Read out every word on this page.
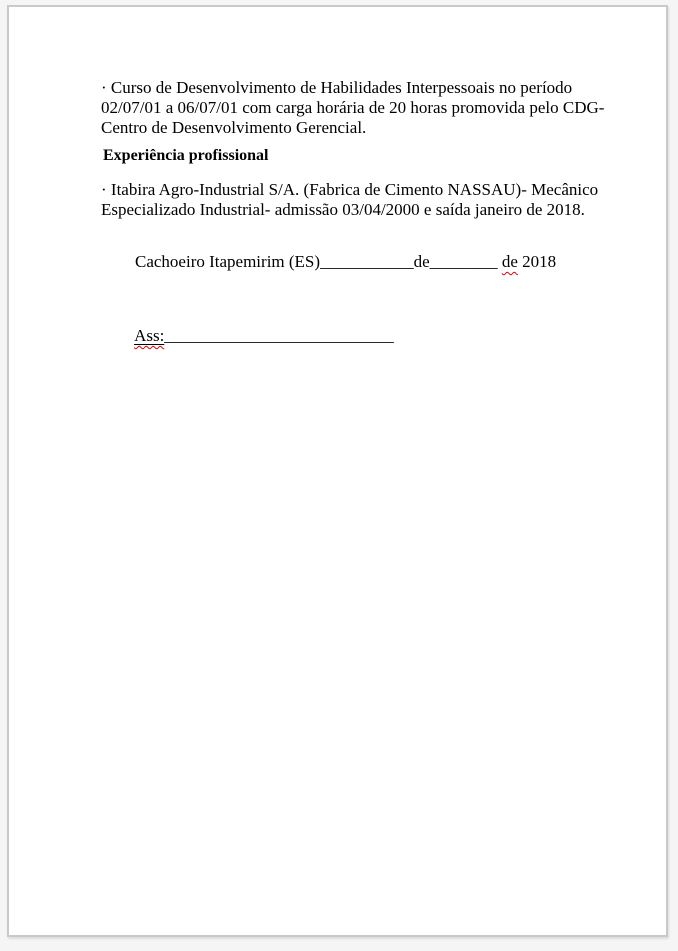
· Curso de Desenvolvimento de Habilidades Interpessoais no período
02/07/01 a 06/07/01 com carga horária de 20 horas promovida pelo CDG-
Centro de Desenvolvimento Gerencial.
Experiência profissional
· Itabira Agro-Industrial S/A. (Fabrica de Cimento NASSAU)- Mecânico
Especializado Industrial- admissão 03/04/2000 e saída janeiro de 2018.

Cachoeiro Itapemirim (ES)___________de________ de 2018

Ass:___________________________
